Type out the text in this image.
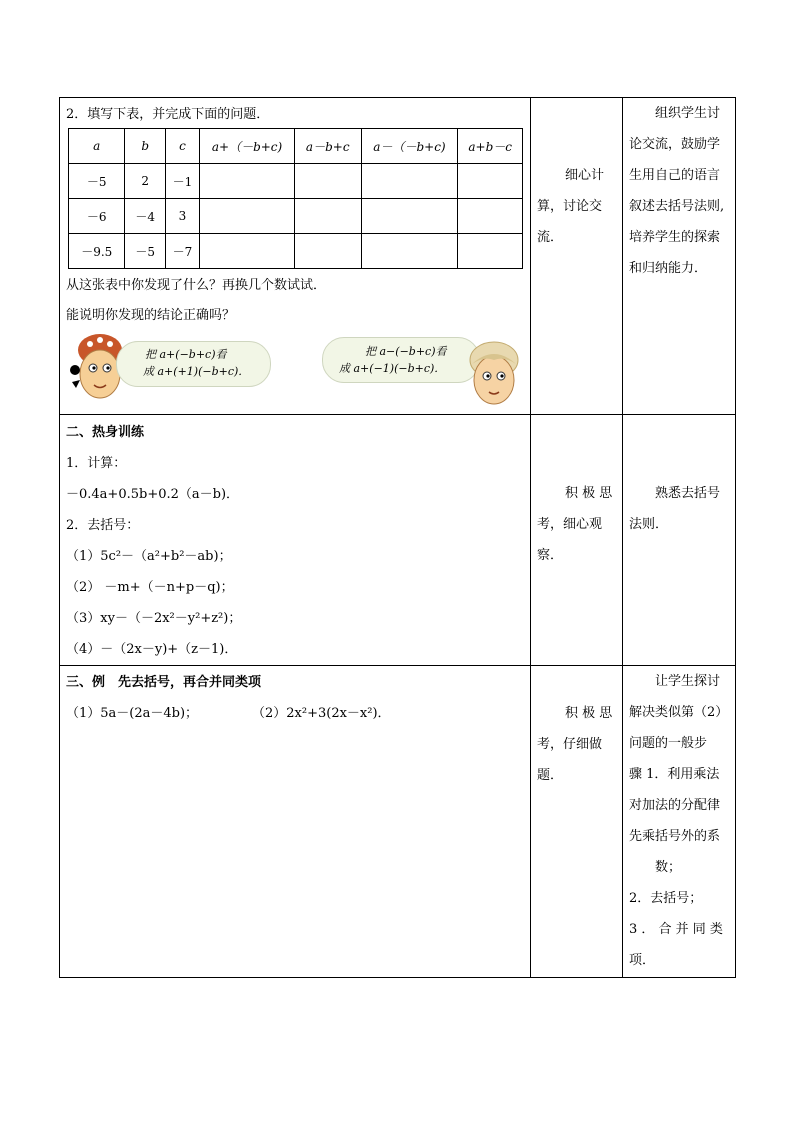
2．填写下表，并完成下面的问题．
a	b	c	a+（－b+c)	a－b+c	a－（－b+c)	a+b－c
－5	2	－1				
－6	－4	3				
－9.5	－5	－7				
从这张表中你发现了什么？再换几个数试试．
能说明你发现的结论正确吗？
把 a+(−b+c)看
成 a+(+1)(−b+c)．
把 a−(−b+c)看
成 a+(−1)(−b+c)．

细心计
算，讨论交
流．

组织学生讨
论交流，鼓励学
生用自己的语言
叙述去括号法则,
培养学生的探索
和归纳能力．

二、热身训练
1．计算：
－0.4a+0.5b+0.2（a－b)．
2．去括号：
（1）5c²－（a²+b²－ab)；
（2） －m+（－n+p－q)；
（3）xy－（－2x²－y²+z²)；
（4）－（2x－y)+（z－1)．

积 极 思
考，细心观
察．

熟悉去括号
法则．

三、例　先去括号，再合并同类项
（1）5a－(2a－4b)；	（2）2x²+3(2x－x²)．	积 极 思
考，仔细做
题．

让学生探讨
解决类似第（2）
问题的一般步
骤 1．利用乘法
对加法的分配律
先乘括号外的系
数；
2．去括号；
3 ． 合 并 同 类
项．
